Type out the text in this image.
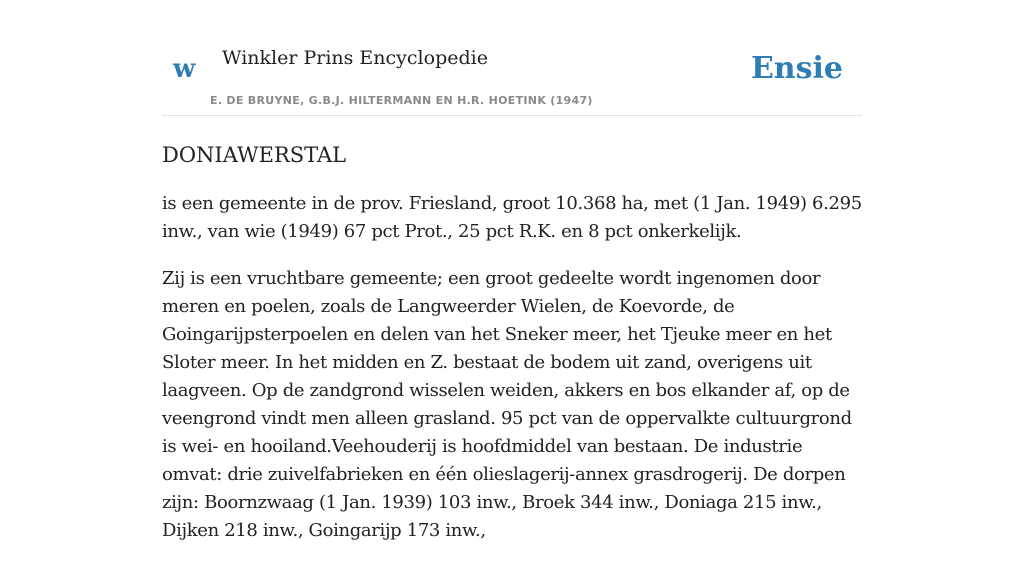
w Winkler Prins Encyclopedie
E. DE BRUYNE, G.B.J. HILTERMANN EN H.R. HOETINK (1947)
Ensie
DONIAWERSTAL

is een gemeente in de prov. Friesland, groot 10.368 ha, met (1 Jan. 1949) 6.295 inw., van wie (1949) 67 pct Prot., 25 pct R.K. en 8 pct onkerkelijk.

Zij is een vruchtbare gemeente; een groot gedeelte wordt ingenomen door meren en poelen, zoals de Langweerder Wielen, de Koevorde, de Goingarijpsterpoelen en delen van het Sneker meer, het Tjeuke meer en het Sloter meer. In het midden en Z. bestaat de bodem uit zand, overigens uit laagveen. Op de zandgrond wisselen weiden, akkers en bos elkander af, op de veengrond vindt men alleen grasland. 95 pct van de oppervalkte cultuurgrond is wei- en hooiland.Veehouderij is hoofdmiddel van bestaan. De industrie omvat: drie zuivelfabrieken en één olieslagerij-annex grasdrogerij. De dorpen zijn: Boornzwaag (1 Jan. 1939) 103 inw., Broek 344 inw., Doniaga 215 inw., Dijken 218 inw., Goingarijp 173 inw.,
